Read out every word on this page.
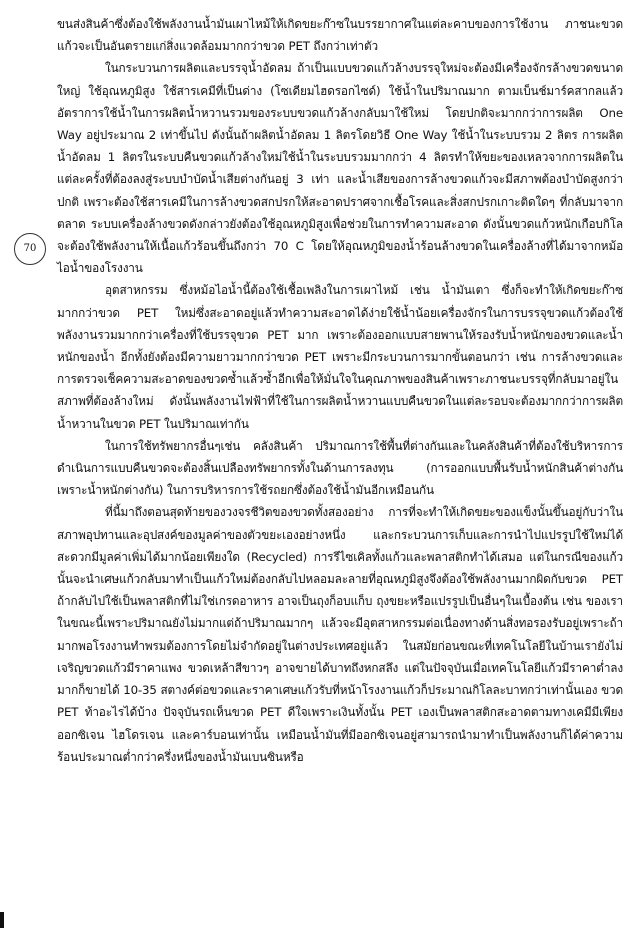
70

ขนส่งสินค้าซึ่งต้องใช้พลังงานน้ำมันเผาไหม้ให้เกิดขยะก๊าซในบรรยากาศในแต่ละคาบของการใช้งาน ภาชนะขวดแก้วจะเป็นอันตรายแก่สิ่งแวดล้อมมากกว่าขวด PET ถึงกว่าเท่าตัว

ในกระบวนการผลิตและบรรจุน้ำอัดลม ถ้าเป็นแบบขวดแก้วล้างบรรจุใหม่จะต้องมีเครื่องจักรล้างขวดขนาดใหญ่ ใช้อุณหภูมิสูง ใช้สารเคมีที่เป็นด่าง (โซเดียมไฮดรอกไซด์) ใช้น้ำในปริมาณมาก ตามเบ็นช์มาร์คสากลแล้วอัตราการใช้น้ำในการผลิตน้ำหวานรวมของระบบขวดแก้วล้างกลับมาใช้ใหม่ โดยปกติจะมากกว่าการผลิต One Way อยู่ประมาณ 2 เท่าขึ้นไป ดังนั้นถ้าผลิตน้ำอัดลม 1 ลิตรโดยวิธี One Way ใช้น้ำในระบบรวม 2 ลิตร การผลิตน้ำอัดลม 1 ลิตรในระบบคืนขวดแก้วล้างใหม่ใช้น้ำในระบบรวมมากกว่า 4 ลิตรทำให้ขยะของเหลวจากการผลิตในแต่ละครั้งที่ต้องลงสู่ระบบบำบัดน้ำเสียต่างกันอยู่ 3 เท่า และน้ำเสียของการล้างขวดแก้วจะมีสภาพต้องบำบัดสูงกว่าปกติ เพราะต้องใช้สารเคมีในการล้างขวดสกปรกให้สะอาดปราศจากเชื้อโรคและสิ่งสกปรกเกาะติดใดๆ ที่กลับมาจากตลาด ระบบเครื่องล้างขวดดังกล่าวยังต้องใช้อุณหภูมิสูงเพื่อช่วยในการทำความสะอาด ดังนั้นขวดแก้วหนักเกือบกิโลจะต้องใช้พลังงานให้เนื้อแก้วร้อนขึ้นถึงกว่า 70 C โดยให้อุณหภูมิของน้ำร้อนล้างขวดในเครื่องล้างที่ได้มาจากหม้อไอน้ำของโรงงาน

อุตสาหกรรม ซึ่งหม้อไอน้ำนี้ต้องใช้เชื้อเพลิงในการเผาไหม้ เช่น น้ำมันเตา ซึ่งก็จะทำให้เกิดขยะก๊าซมากกว่าขวด PET ใหม่ซึ่งสะอาดอยู่แล้วทำความสะอาดได้ง่ายใช้น้ำน้อยเครื่องจักรในการบรรจุขวดแก้วต้องใช้พลังงานรวมมากกว่าเครื่องที่ใช้บรรจุขวด PET มาก เพราะต้องออกแบบสายพานให้รองรับน้ำหนักของขวดและน้ำหนักของน้ำ อีกทั้งยังต้องมีความยาวมากกว่าขวด PET เพราะมีกระบวนการมากขั้นตอนกว่า เช่น การล้างขวดและการตรวจเช็คความสะอาดของขวดซ้ำแล้วซ้ำอีกเพื่อให้มั่นใจในคุณภาพของสินค้าเพราะภาชนะบรรจุที่กลับมาอยู่ในสภาพที่ต้องล้างใหม่ ดังนั้นพลังงานไฟฟ้าที่ใช้ในการผลิตน้ำหวานแบบคืนขวดในแต่ละรอบจะต้องมากกว่าการผลิตน้ำหวานในขวด PET ในปริมาณเท่ากัน

ในการใช้ทรัพยากรอื่นๆเช่น คลังสินค้า ปริมาณการใช้พื้นที่ต่างกันและในคลังสินค้าที่ต้องใช้บริหารการดำเนินการแบบคืนขวดจะต้องสิ้นเปลืองทรัพยากรทั้งในด้านการลงทุน (การออกแบบพื้นรับน้ำหนักสินค้าต่างกัน เพราะน้ำหนักต่างกัน) ในการบริหารการใช้รถยกซึ่งต้องใช้น้ำมันอีกเหมือนกัน

ที่นี้มาถึงตอนสุดท้ายของวงจรชีวิตของขวดทั้งสองอย่าง การที่จะทำให้เกิดขยะของแข็งนั้นขึ้นอยู่กับว่าในสภาพอุปทานและอุปสงค์ของมูลค่าของตัวขยะเองอย่างหนึ่ง และกระบวนการเก็บและการนำไปแปรรูปใช้ใหม่ได้สะดวกมีมูลค่าเพิ่มได้มากน้อยเพียงใด (Recycled) การรีไซเคิลทั้งแก้วและพลาสติกทำได้เสมอ แต่ในกรณีของแก้วนั้นจะนำเศษแก้วกลับมาทำเป็นแก้วใหม่ต้องกลับไปหลอมละลายที่อุณหภูมิสูงจึงต้องใช้พลังงานมากผิดกับขวด PET ถ้ากลับไปใช้เป็นพลาสติกที่ไม่ใช่เกรดอาหาร อาจเป็นถุงก็อบแก็บ ถุงขยะหรือแปรรูปเป็นอื่นๆในเบื้องต้น เช่น ของเราในขณะนี้เพราะปริมาณยังไม่มากแต่ถ้าปริมาณมากๆ แล้วจะมีอุตสาหกรรมต่อเนื่องทางด้านสิ่งทอรองรับอยู่เพราะถ้ามากพอโรงงานทำพรมต้องการโดยไม่จำกัดอยู่ในต่างประเทศอยู่แล้ว ในสมัยก่อนขณะที่เทคโนโลยีในบ้านเรายังไม่เจริญขวดแก้วมีราคาแพง ขวดเหล้าสีขาวๆ อาจขายได้บาทถึงหกสลึง แต่ในปัจจุบันเมื่อเทคโนโลยีแก้วมีราคาต่ำลงมากก็ขายได้ 10-35 สตางค์ต่อขวดและราคาเศษแก้วรับที่หน้าโรงงานแก้วก็ประมาณกิโลละบาทกว่าเท่านั้นเอง ขวด PET ท้าอะไรได้บ้าง ปัจจุบันรถเห็นขวด PET ดีใจเพราะเงินทั้งนั้น PET เองเป็นพลาสติกสะอาดตามทางเคมีมีเพียงออกซิเจน ไฮโดรเจน และคาร์บอนเท่านั้น เหมือนน้ำมันที่มีออกซิเจนอยู่สามารถนำมาทำเป็นพลังงานก็ได้ค่าความร้อนประมาณต่ำกว่าครึ่งหนึ่งของน้ำมันเบนซินหรือ
